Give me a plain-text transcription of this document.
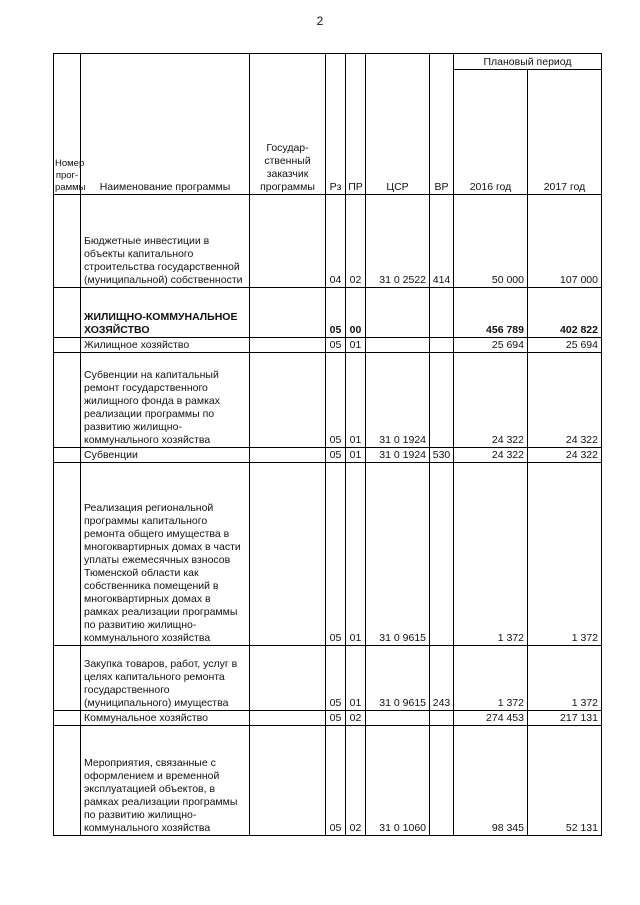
2
Номер прог-раммы	Наименование программы	Государ-ственный заказчик программы	Рз	ПР	ЦСР	ВР	Плановый период	
							2016 год	2017 год
	Бюджетные инвестиции в объекты капитального строительства государственной (муниципальной) собственности		04	02	31 0 2522	414	50 000	107 000
	ЖИЛИЩНО-КОММУНАЛЬНОЕ ХОЗЯЙСТВО		05	00			456 789	402 822
	Жилищное хозяйство		05	01			25 694	25 694
	Субвенции на капитальный ремонт государственного жилищного фонда в рамках реализации программы по развитию жилищно-коммунального хозяйства		05	01	31 0 1924		24 322	24 322
	Субвенции		05	01	31 0 1924	530	24 322	24 322
	Реализация региональной программы капитального ремонта общего имущества в многоквартирных домах в части уплаты ежемесячных взносов Тюменской области как собственника помещений в многоквартирных домах в рамках реализации программы по развитию жилищно-коммунального хозяйства		05	01	31 0 9615		1 372	1 372
	Закупка товаров, работ, услуг в целях капитального ремонта государственного (муниципального) имущества		05	01	31 0 9615	243	1 372	1 372
	Коммунальное хозяйство		05	02			274 453	217 131
	Мероприятия, связанные с оформлением и временной эксплуатацией объектов, в рамках реализации программы по развитию жилищно-коммунального хозяйства		05	02	31 0 1060		98 345	52 131
